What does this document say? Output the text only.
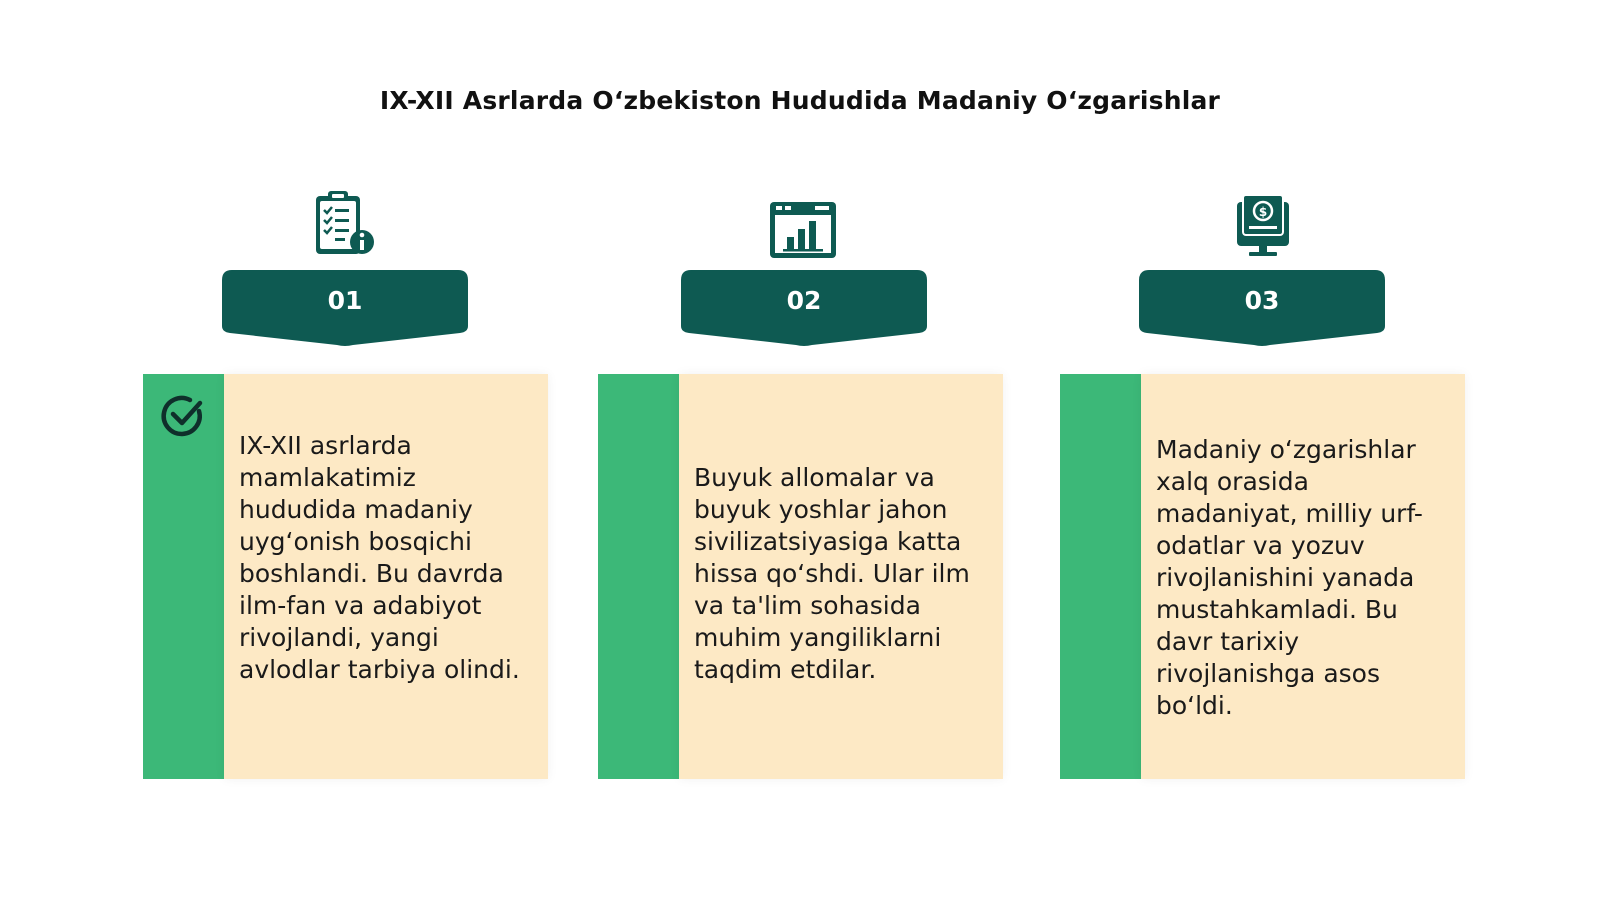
IX-XII Asrlarda O‘zbekiston Hududida Madaniy O‘zgarishlar
01
IX-XII asrlarda mamlakatimiz hududida madaniy uyg‘onish bosqichi boshlandi. Bu davrda ilm-fan va adabiyot rivojlandi, yangi avlodlar tarbiya olindi.
02
Buyuk allomalar va buyuk yoshlar jahon sivilizatsiyasiga katta hissa qo‘shdi. Ular ilm va ta'lim sohasida muhim yangiliklarni taqdim etdilar.
$
03
Madaniy o‘zgarishlar xalq orasida madaniyat, milliy urf-odatlar va yozuv rivojlanishini yanada mustahkamladi. Bu davr tarixiy rivojlanishga asos bo‘ldi.
